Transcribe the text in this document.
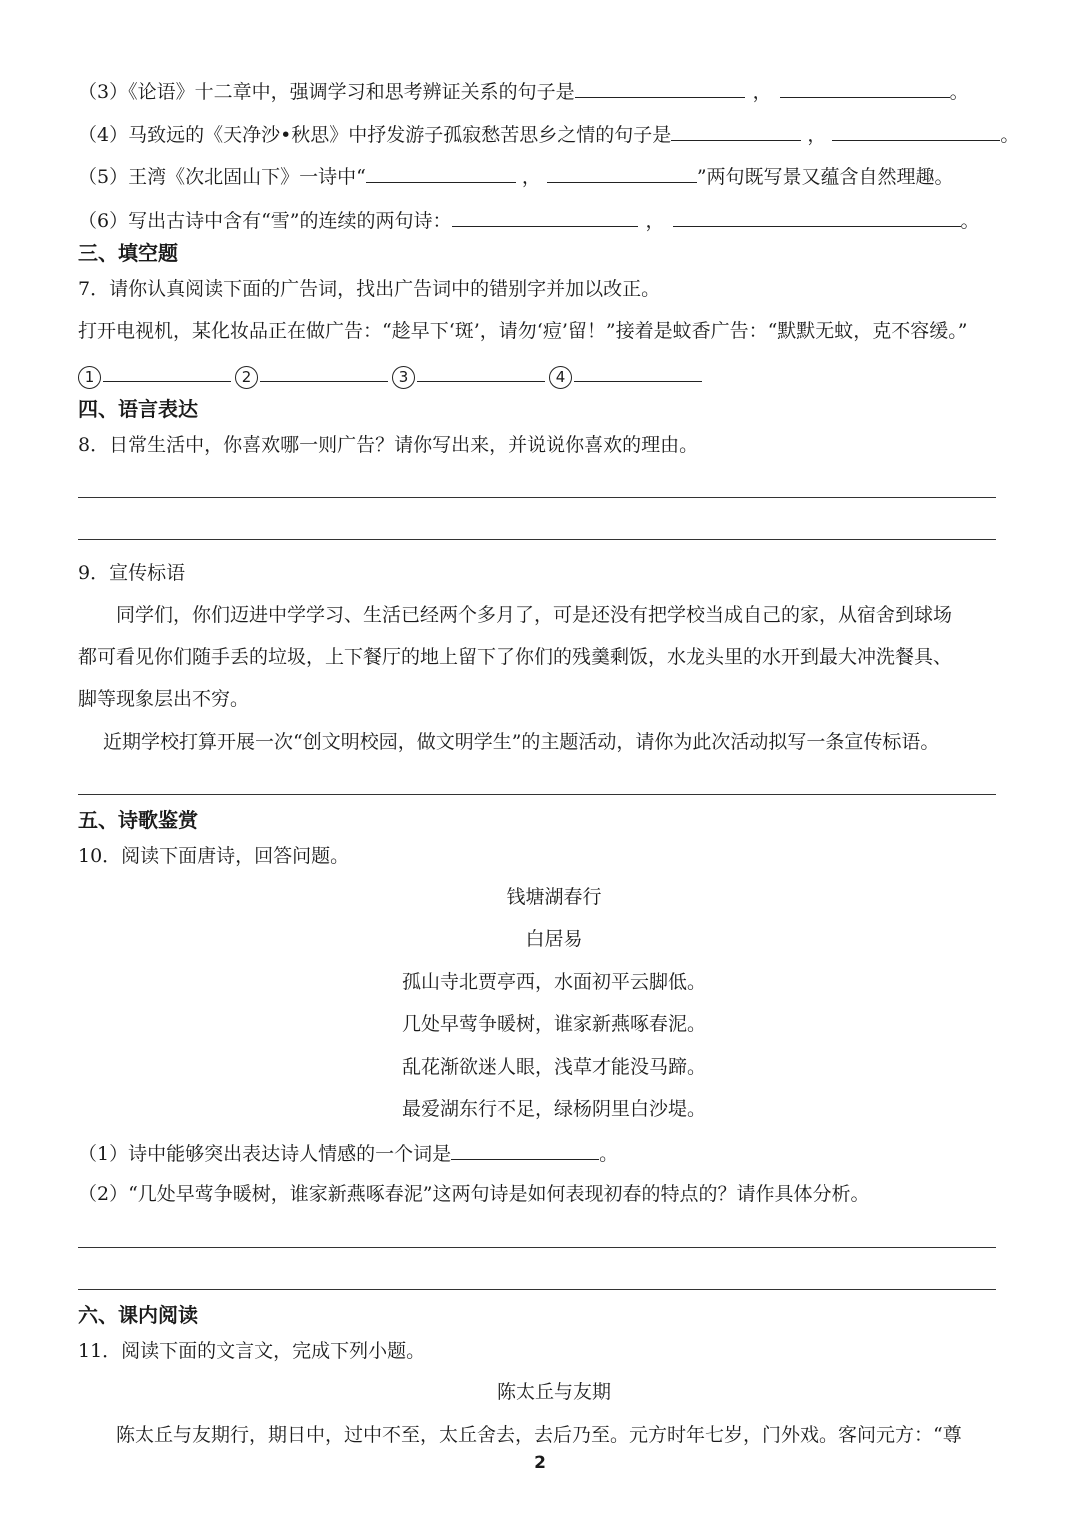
（3）《论语》十二章中，强调学习和思考辨证关系的句子是	，	。
（4）马致远的《天净沙•秋思》中抒发游子孤寂愁苦思乡之情的句子是	，	。
（5）王湾《次北固山下》一诗中“	，	”两句既写景又蕴含自然理趣。
（6）写出古诗中含有“雪”的连续的两句诗：	，	。
三、填空题
7．请你认真阅读下面的广告词，找出广告词中的错别字并加以改正。
打开电视机，某化妆品正在做广告：“趁早下‘斑’，请勿‘痘’留！”接着是蚊香广告：“默默无蚊，克不容缓。”
1	2	3	4
四、语言表达
8．日常生活中，你喜欢哪一则广告？请你写出来，并说说你喜欢的理由。
9．宣传标语
同学们，你们迈进中学学习、生活已经两个多月了，可是还没有把学校当成自己的家，从宿舍到球场
都可看见你们随手丢的垃圾，上下餐厅的地上留下了你们的残羹剩饭，水龙头里的水开到最大冲洗餐具、
脚等现象层出不穷。
近期学校打算开展一次“创文明校园，做文明学生”的主题活动，请你为此次活动拟写一条宣传标语。
五、诗歌鉴赏
10．阅读下面唐诗，回答问题。
钱塘湖春行
白居易
孤山寺北贾亭西，水面初平云脚低。
几处早莺争暖树，谁家新燕啄春泥。
乱花渐欲迷人眼，浅草才能没马蹄。
最爱湖东行不足，绿杨阴里白沙堤。
（1）诗中能够突出表达诗人情感的一个词是	。
（2）“几处早莺争暖树，谁家新燕啄春泥”这两句诗是如何表现初春的特点的？请作具体分析。
六、课内阅读
11．阅读下面的文言文，完成下列小题。
陈太丘与友期
陈太丘与友期行，期日中，过中不至，太丘舍去，去后乃至。元方时年七岁，门外戏。客问元方：“尊
2
